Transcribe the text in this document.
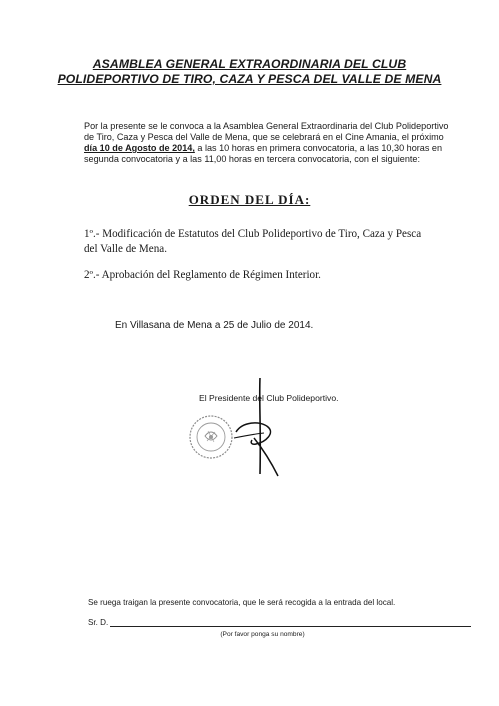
ASAMBLEA GENERAL EXTRAORDINARIA DEL CLUB
POLIDEPORTIVO DE TIRO, CAZA Y PESCA DEL VALLE DE MENA
Por la presente se le convoca a la Asamblea General Extraordinaria del Club Polideportivo
de Tiro, Caza y Pesca del Valle de Mena, que se celebrará en el Cine Amania, el próximo
día 10 de Agosto de 2014, a las 10 horas en primera convocatoria, a las 10,30 horas en
segunda convocatoria y a las 11,00 horas en tercera convocatoria, con el siguiente:
ORDEN DEL DÍA:
1º.- Modificación de Estatutos del Club Polideportivo de Tiro, Caza y Pesca
del Valle de Mena.
2º.- Aprobación del Reglamento de Régimen Interior.
En Villasana de Mena a 25 de Julio de 2014.
El Presidente del Club Polideportivo.
Se ruega traigan la presente convocatoria, que le será recogida a la entrada del local.
Sr. D.
(Por favor ponga su nombre)
